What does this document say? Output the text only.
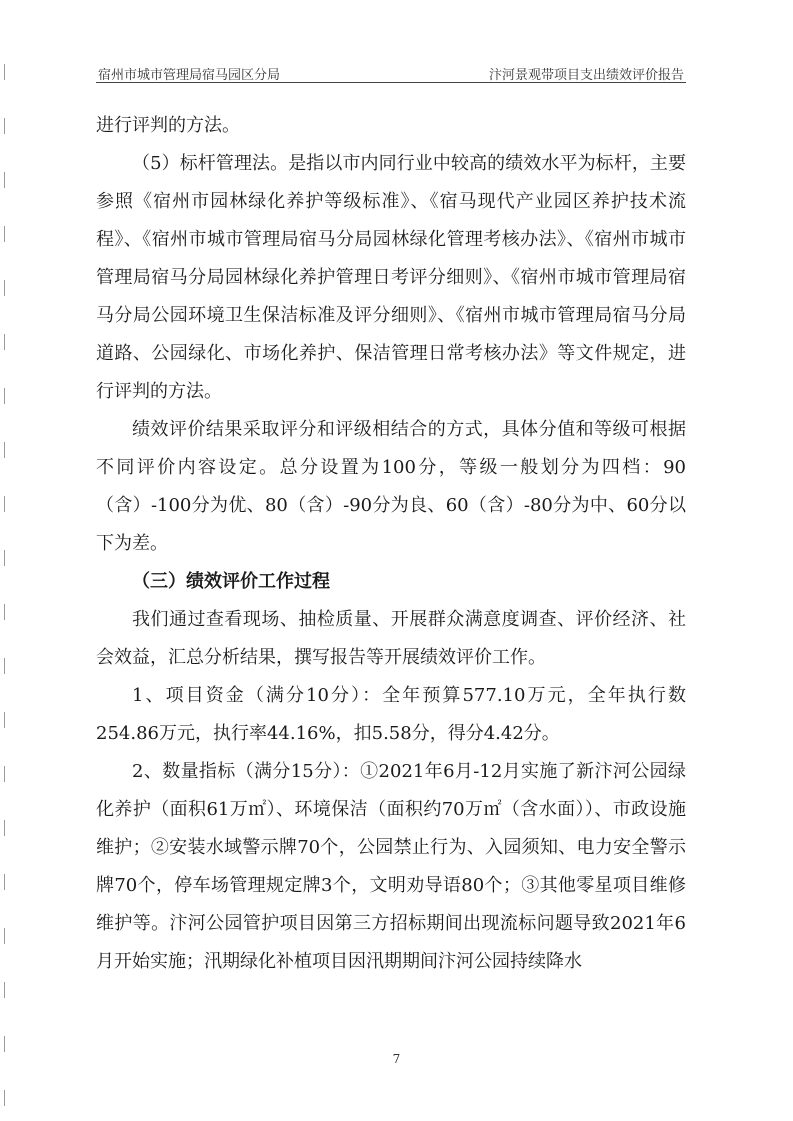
宿州市城市管理局宿马园区分局	汴河景观带项目支出绩效评价报告

进行评判的方法。

（5）标杆管理法。是指以市内同行业中较高的绩效水平为标杆，主要参照《宿州市园林绿化养护等级标准》、《宿马现代产业园区养护技术流程》、《宿州市城市管理局宿马分局园林绿化管理考核办法》、《宿州市城市管理局宿马分局园林绿化养护管理日考评分细则》、《宿州市城市管理局宿马分局公园环境卫生保洁标准及评分细则》、《宿州市城市管理局宿马分局道路、公园绿化、市场化养护、保洁管理日常考核办法》等文件规定，进行评判的方法。

绩效评价结果采取评分和评级相结合的方式，具体分值和等级可根据不同评价内容设定。总分设置为100分，等级一般划分为四档：90（含）-100分为优、80（含）-90分为良、60（含）-80分为中、60分以下为差。

（三）绩效评价工作过程

我们通过查看现场、抽检质量、开展群众满意度调查、评价经济、社会效益，汇总分析结果，撰写报告等开展绩效评价工作。

1、项目资金（满分10分）：全年预算577.10万元，全年执行数254.86万元，执行率44.16%，扣5.58分，得分4.42分。

2、数量指标（满分15分）：①2021年6月-12月实施了新汴河公园绿化养护（面积61万㎡）、环境保洁（面积约70万㎡（含水面））、市政设施维护；②安装水域警示牌70个，公园禁止行为、入园须知、电力安全警示牌70个，停车场管理规定牌3个，文明劝导语80个；③其他零星项目维修维护等。汴河公园管护项目因第三方招标期间出现流标问题导致2021年6月开始实施；汛期绿化补植项目因汛期期间汴河公园持续降水

7
